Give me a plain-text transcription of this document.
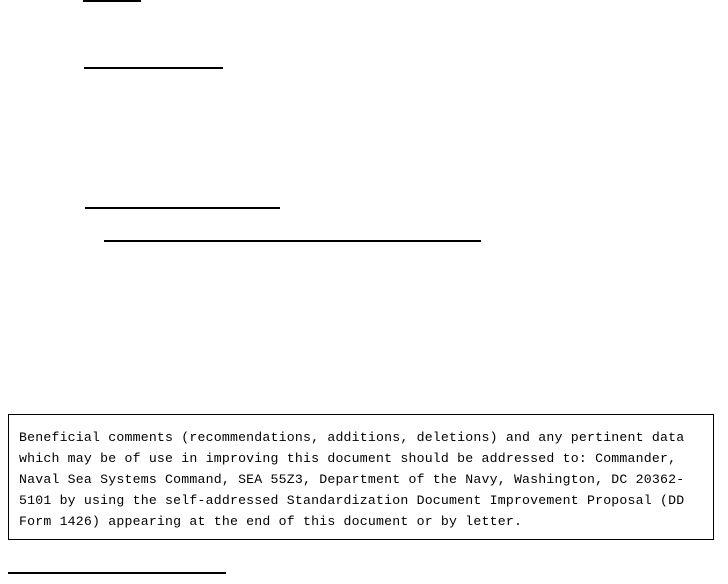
Beneficial comments (recommendations, additions, deletions) and any pertinent data which may be of use in improving this document should be addressed to: Commander, Naval Sea Systems Command, SEA 55Z3, Department of the Navy, Washington, DC 20362-5101 by using the self-addressed Standardization Document Improvement Proposal (DD Form 1426) appearing at the end of this document or by letter.
